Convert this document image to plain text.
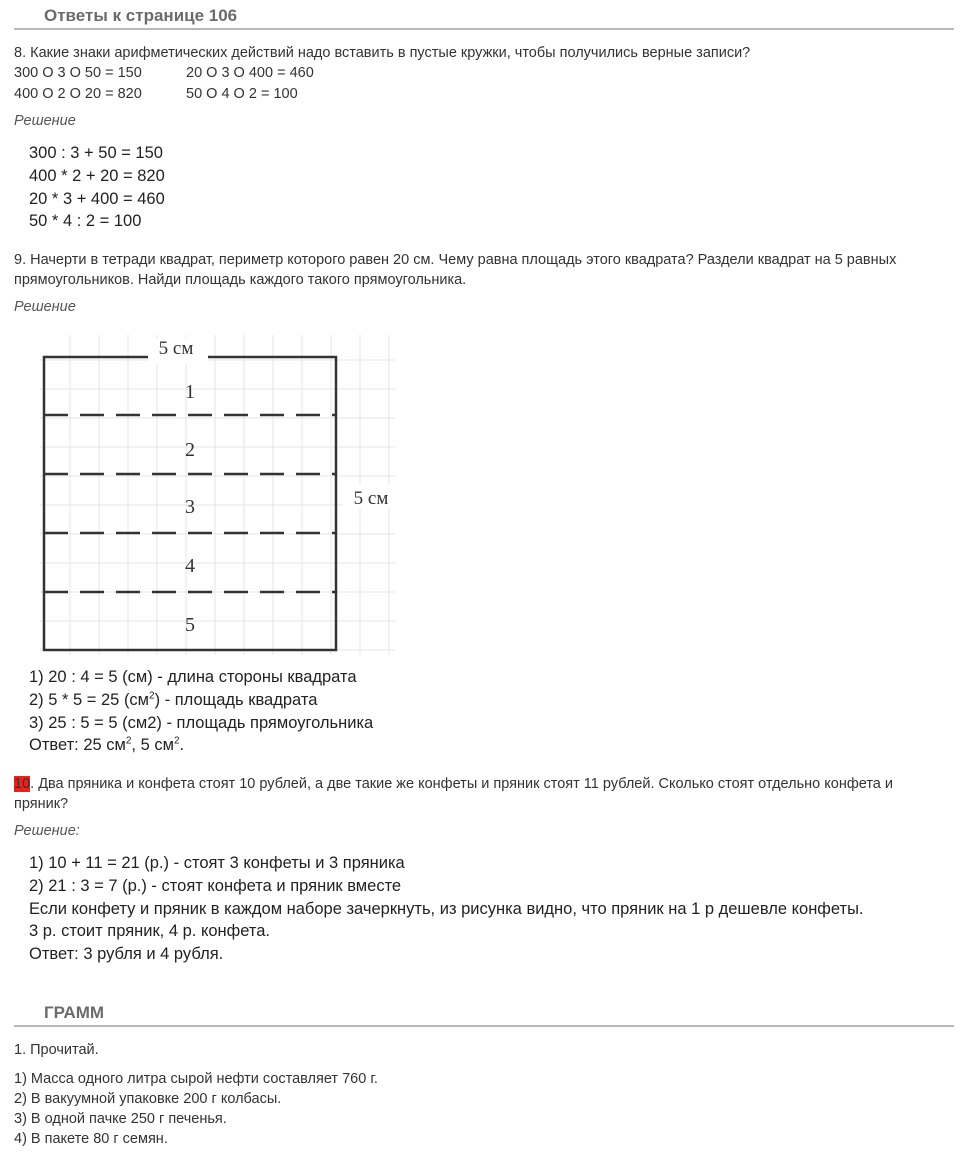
Ответы к странице 106
8. Какие знаки арифметических действий надо вставить в пустые кружки, чтобы получились верные записи?
300 О 3 О 50 = 150	20 О 3 О 400 = 460
400 О 2 О 20 = 820	50 О 4 О 2 = 100
Решение
300 : 3 + 50 = 150
400 * 2 + 20 = 820
20 * 3 + 400 = 460
50 * 4 : 2 = 100
9. Начерти в тетради квадрат, периметр которого равен 20 см. Чему равна площадь этого квадрата? Раздели квадрат на 5 равных прямоугольников. Найди площадь каждого такого прямоугольника.
Решение
5 см
5 см
1
2
3
4
5
1) 20 : 4 = 5 (см) - длина стороны квадрата
2) 5 * 5 = 25 $(см^2)$ - площадь квадрата
3) 25 : 5 = 5 (см2) - площадь прямоугольника
Ответ: 25 $см^2$, 5 $см^2$.
10. Два пряника и конфета стоят 10 рублей, а две такие же конфеты и пряник стоят 11 рублей. Сколько стоят отдельно конфета и пряник?
Решение:
1) 10 + 11 = 21 (р.) - стоят 3 конфеты и 3 пряника
2) 21 : 3 = 7 (р.) - стоят конфета и пряник вместе
Если конфету и пряник в каждом наборе зачеркнуть, из рисунка видно, что пряник на 1 р дешевле конфеты.
3 р. стоит пряник, 4 р. конфета.
Ответ: 3 рубля и 4 рубля.
ГРАММ
1. Прочитай.
1) Масса одного литра сырой нефти составляет 760 г.
2) В вакуумной упаковке 200 г колбасы.
3) В одной пачке 250 г печенья.
4) В пакете 80 г семян.
